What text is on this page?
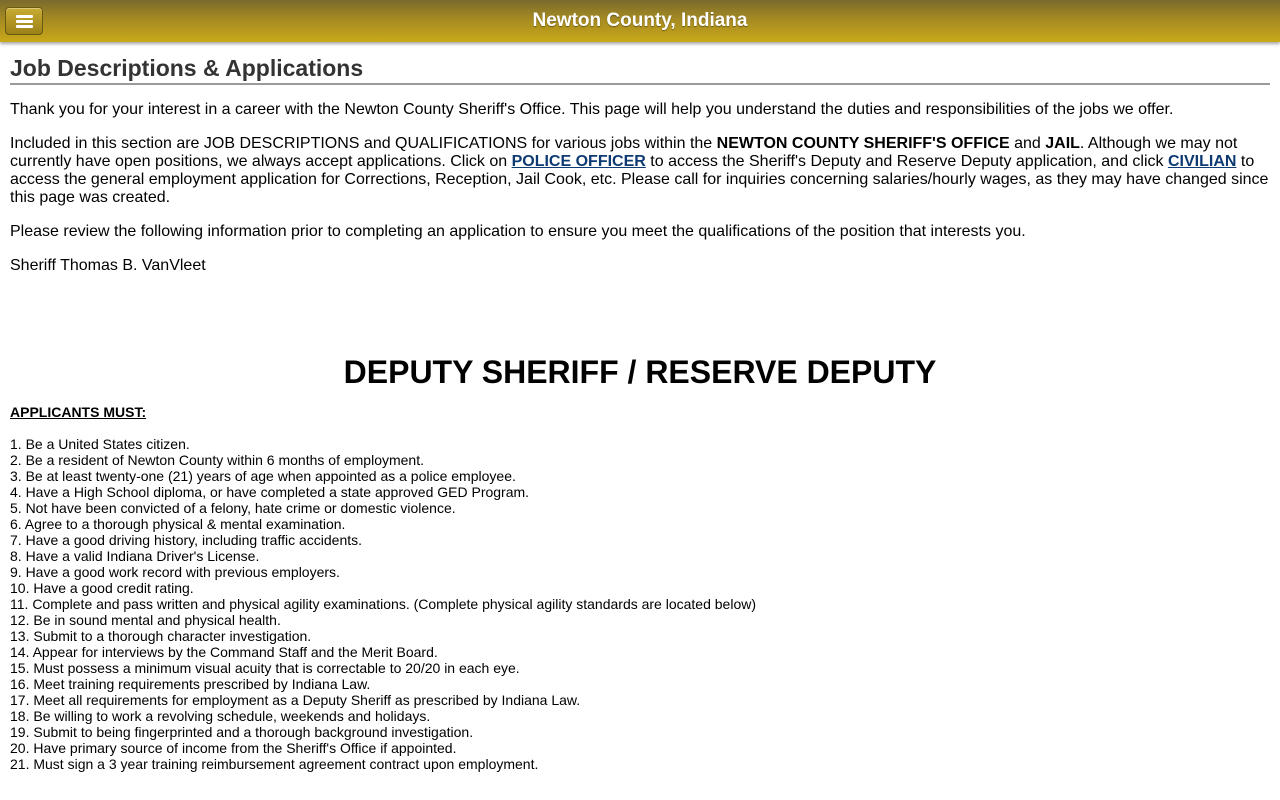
Newton County, Indiana
Job Descriptions & Applications

Thank you for your interest in a career with the Newton County Sheriff's Office. This page will help you understand the duties and responsibilities of the jobs we offer.

Included in this section are JOB DESCRIPTIONS and QUALIFICATIONS for various jobs within the NEWTON COUNTY SHERIFF'S OFFICE and JAIL. Although we may not currently have open positions, we always accept applications. Click on POLICE OFFICER to access the Sheriff's Deputy and Reserve Deputy application, and click CIVILIAN to access the general employment application for Corrections, Reception, Jail Cook, etc. Please call for inquiries concerning salaries/hourly wages, as they may have changed since this page was created.

Please review the following information prior to completing an application to ensure you meet the qualifications of the position that interests you.

Sheriff Thomas B. VanVleet

DEPUTY SHERIFF / RESERVE DEPUTY
APPLICANTS MUST:
1. Be a United States citizen.
2. Be a resident of Newton County within 6 months of employment.
3. Be at least twenty-one (21) years of age when appointed as a police employee.
4. Have a High School diploma, or have completed a state approved GED Program.
5. Not have been convicted of a felony, hate crime or domestic violence.
6. Agree to a thorough physical & mental examination.
7. Have a good driving history, including traffic accidents.
8. Have a valid Indiana Driver's License.
9. Have a good work record with previous employers.
10. Have a good credit rating.
11. Complete and pass written and physical agility examinations. (Complete physical agility standards are located below)
12. Be in sound mental and physical health.
13. Submit to a thorough character investigation.
14. Appear for interviews by the Command Staff and the Merit Board.
15. Must possess a minimum visual acuity that is correctable to 20/20 in each eye.
16. Meet training requirements prescribed by Indiana Law.
17. Meet all requirements for employment as a Deputy Sheriff as prescribed by Indiana Law.
18. Be willing to work a revolving schedule, weekends and holidays.
19. Submit to being fingerprinted and a thorough background investigation.
20. Have primary source of income from the Sheriff's Office if appointed.
21. Must sign a 3 year training reimbursement agreement contract upon employment.
